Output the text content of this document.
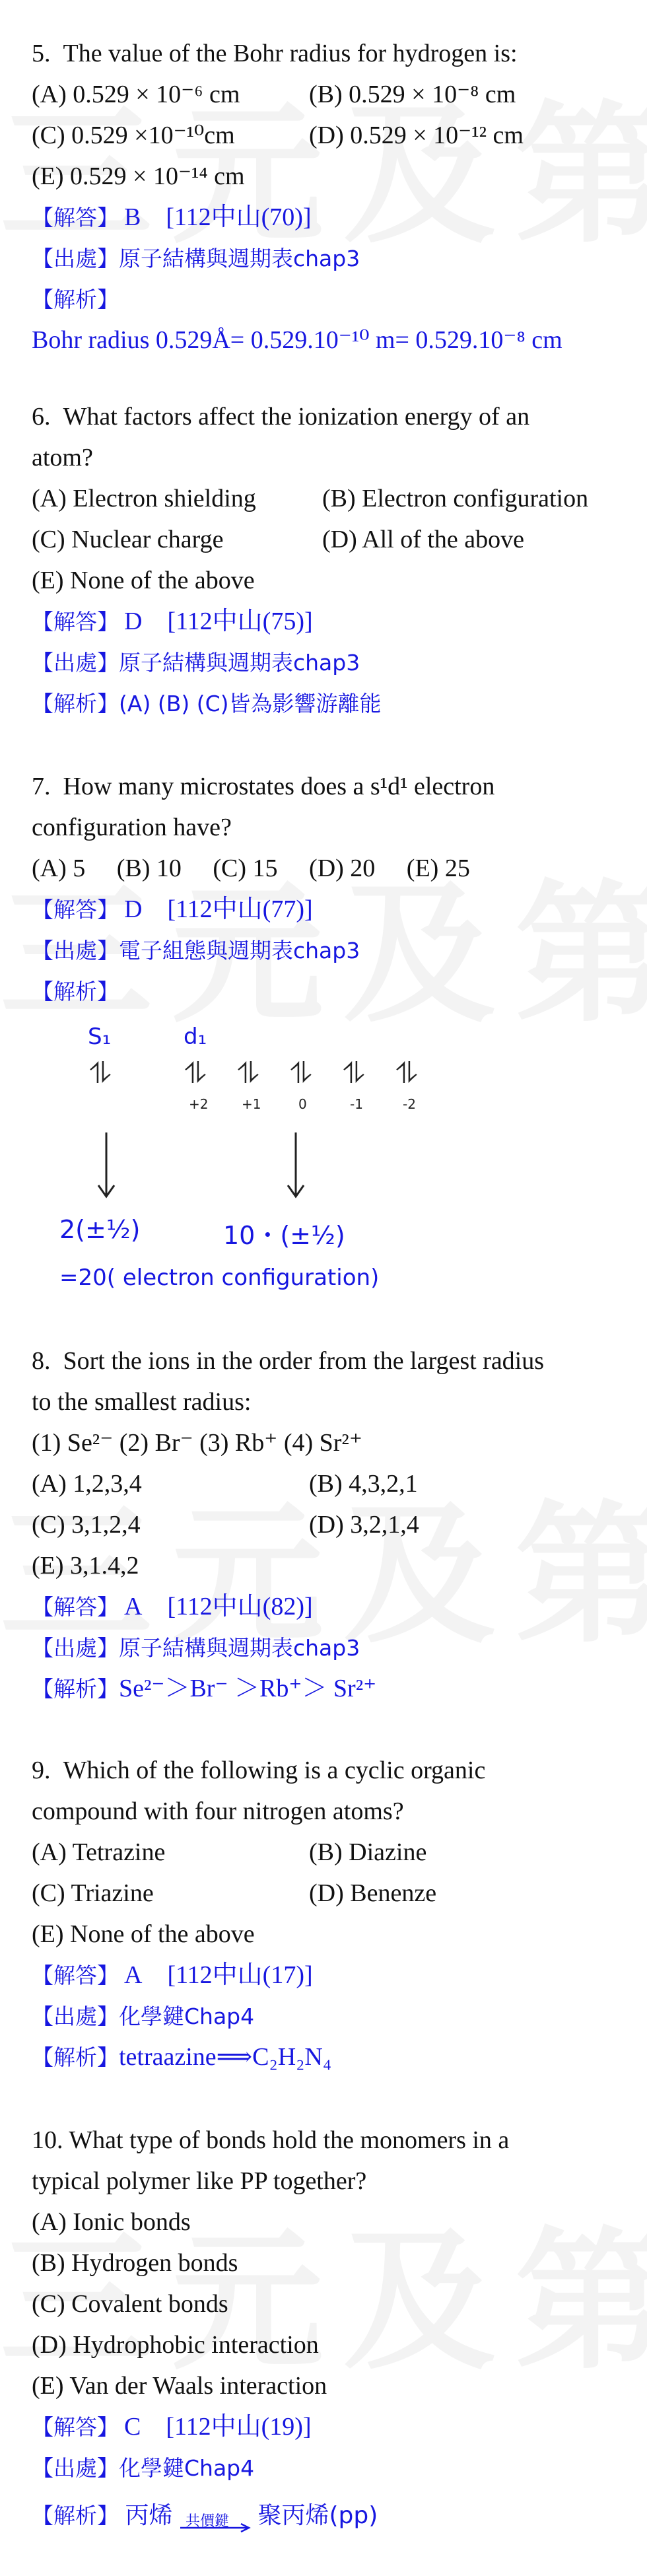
5. The value of the Bohr radius for hydrogen is:
(A) 0.529 × 10⁻⁶ cm	(B) 0.529 × 10⁻⁸ cm
(C) 0.529 ×10⁻¹⁰cm	(D) 0.529 × 10⁻¹² cm
(E) 0.529 × 10⁻¹⁴ cm
【解答】 B [112中山(70)]
【出處】原子結構與週期表chap3
【解析】
Bohr radius 0.529Å= 0.529.10⁻¹⁰ m= 0.529.10⁻⁸ cm
6. What factors affect the ionization energy of an
atom?
(A) Electron shielding	(B) Electron configuration
(C) Nuclear charge	(D) All of the above
(E) None of the above
【解答】 D [112中山(75)]
【出處】原子結構與週期表chap3
【解析】(A) (B) (C)皆為影響游離能
7. How many microstates does a s¹d¹ electron
configuration have?
(A) 5  (B) 10  (C) 15  (D) 20  (E) 25
【解答】 D [112中山(77)]
【出處】電子組態與週期表chap3
【解析】
S₁	d₁
⥮	⥮ ⥮ ⥮ ⥮ ⥮
+2	+1	0	-1	-2
2(±½)	10・(±½)
=20( electron configuration)
8. Sort the ions in the order from the largest radius
to the smallest radius:
(1) Se²⁻ (2) Br⁻ (3) Rb⁺ (4) Sr²⁺
(A) 1,2,3,4	(B) 4,3,2,1
(C) 3,1,2,4	(D) 3,2,1,4
(E) 3,1.4,2
【解答】 A [112中山(82)]
【出處】原子結構與週期表chap3
【解析】Se²⁻＞Br⁻ ＞Rb⁺＞ Sr²⁺
9. Which of the following is a cyclic organic
compound with four nitrogen atoms?
(A) Tetrazine	(B) Diazine
(C) Triazine	(D) Benenze
(E) None of the above
【解答】 A [112中山(17)]
【出處】化學鍵Chap4
【解析】tetraazine⟹C₂H₂N₄
10. What type of bonds hold the monomers in a
typical polymer like PP together?
(A) Ionic bonds
(B) Hydrogen bonds
(C) Covalent bonds
(D) Hydrophobic interaction
(E) Van der Waals interaction
【解答】 C [112中山(19)]
【出處】化學鍵Chap4
【解析】 丙烯 共價鍵 聚丙烯(pp)
